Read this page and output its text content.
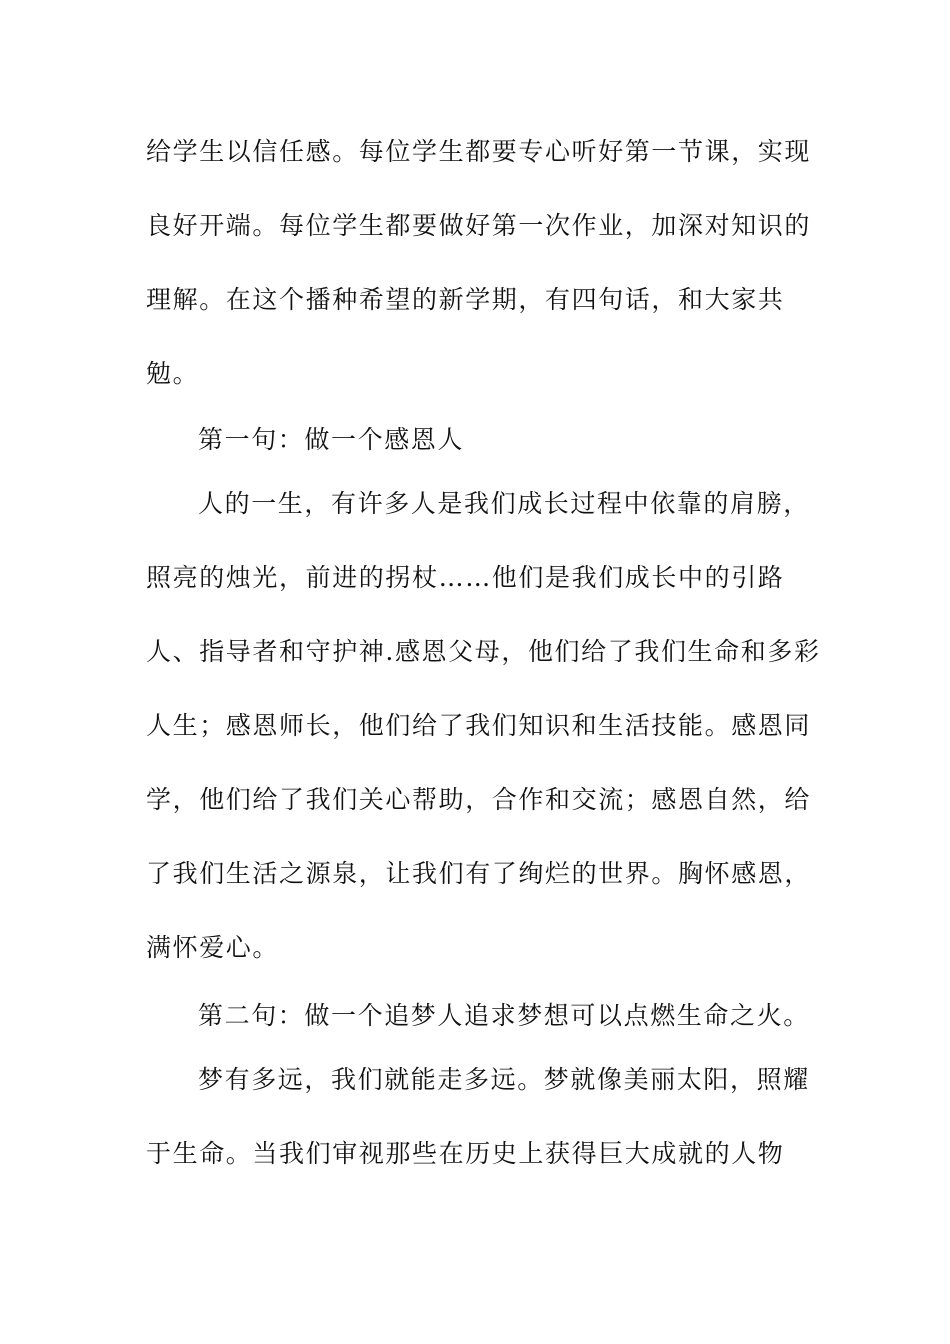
给学生以信任感。每位学生都要专心听好第一节课，实现
良好开端。每位学生都要做好第一次作业，加深对知识的
理解。在这个播种希望的新学期，有四句话，和大家共
勉。
第一句：做一个感恩人
人的一生，有许多人是我们成长过程中依靠的肩膀，
照亮的烛光，前进的拐杖……他们是我们成长中的引路
人、指导者和守护神.感恩父母，他们给了我们生命和多彩
人生；感恩师长，他们给了我们知识和生活技能。感恩同
学，他们给了我们关心帮助，合作和交流；感恩自然，给
了我们生活之源泉，让我们有了绚烂的世界。胸怀感恩，
满怀爱心。
第二句：做一个追梦人追求梦想可以点燃生命之火。
梦有多远，我们就能走多远。梦就像美丽太阳，照耀
于生命。当我们审视那些在历史上获得巨大成就的人物
